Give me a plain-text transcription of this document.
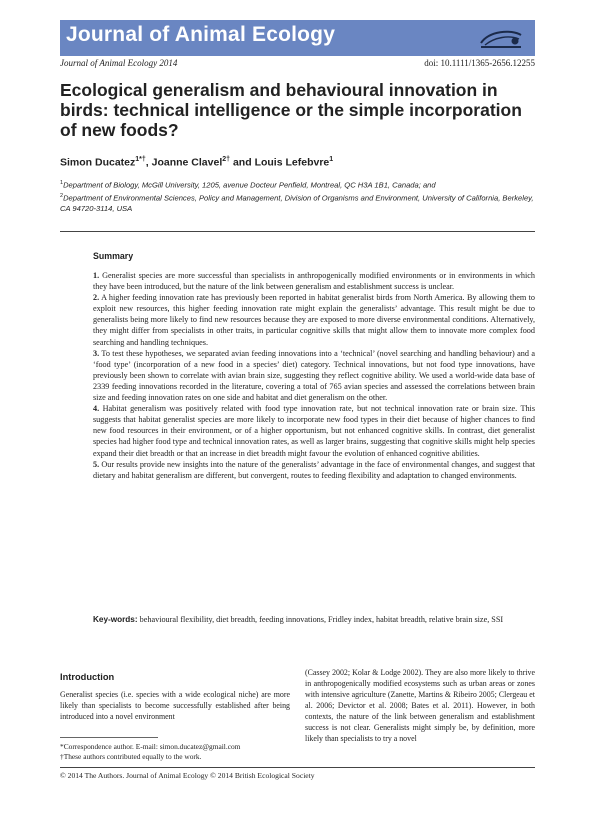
Journal of Animal Ecology
Journal of Animal Ecology 2014	doi: 10.1111/1365-2656.12255
Ecological generalism and behavioural innovation in birds: technical intelligence or the simple incorporation of new foods?
Simon Ducatez$^{1*\dagger}$, Joanne Clavel$^{2\dagger}$ and Louis Lefebvre$^1$

$^1$Department of Biology, McGill University, 1205, avenue Docteur Penfield, Montreal, QC H3A 1B1, Canada; and

$^2$Department of Environmental Sciences, Policy and Management, Division of Organisms and Environment, University of California, Berkeley, CA 94720-3114, USA

Summary

1. Generalist species are more successful than specialists in anthropogenically modified environments or in environments in which they have been introduced, but the nature of the link between generalism and establishment success is unclear.

2. A higher feeding innovation rate has previously been reported in habitat generalist birds from North America. By allowing them to exploit new resources, this higher feeding innovation rate might explain the generalists’ advantage. This result might be due to generalists being more likely to find new resources because they are exposed to more diverse environmental conditions. Alternatively, they might differ from specialists in other traits, in particular cognitive skills that might allow them to innovate more complex food searching and handling techniques.

3. To test these hypotheses, we separated avian feeding innovations into a ‘technical’ (novel searching and handling behaviour) and a ‘food type’ (incorporation of a new food in a species’ diet) category. Technical innovations, but not food type innovations, have previously been shown to correlate with avian brain size, suggesting they reflect cognitive ability. We used a world-wide data base of 2339 feeding innovations recorded in the literature, covering a total of 765 avian species and assessed the correlations between brain size and feeding innovation rates on one side and habitat and diet generalism on the other.

4. Habitat generalism was positively related with food type innovation rate, but not technical innovation rate or brain size. This suggests that habitat generalist species are more likely to incorporate new food types in their diet because of higher chances to find new food resources in their environment, or of a higher opportunism, but not enhanced cognitive skills. In contrast, diet generalist species had higher food type and technical innovation rates, as well as larger brains, suggesting that cognitive skills might help species expand their diet breadth or that an increase in diet breadth might favour the evolution of enhanced cognitive abilities.

5. Our results provide new insights into the nature of the generalists’ advantage in the face of environmental changes, and suggest that dietary and habitat generalism are different, but convergent, routes to feeding flexibility and adaptation to changed environments.

Key-words: behavioural flexibility, diet breadth, feeding innovations, Fridley index, habitat breadth, relative brain size, SSI
Introduction

Generalist species (i.e. species with a wide ecological niche) are more likely than specialists to become successfully established after being introduced into a novel environment

(Cassey 2002; Kolar & Lodge 2002). They are also more likely to thrive in anthropogenically modified ecosystems such as urban areas or zones with intensive agriculture (Zanette, Martins & Ribeiro 2005; Clergeau et al. 2006; Devictor et al. 2008; Bates et al. 2011). However, in both contexts, the nature of the link between generalism and establishment success is not clear. Generalists might simply be, by definition, more likely than specialists to try a novel

*Correspondence author. E-mail: simon.ducatez@gmail.com

†These authors contributed equally to the work.

© 2014 The Authors. Journal of Animal Ecology © 2014 British Ecological Society
